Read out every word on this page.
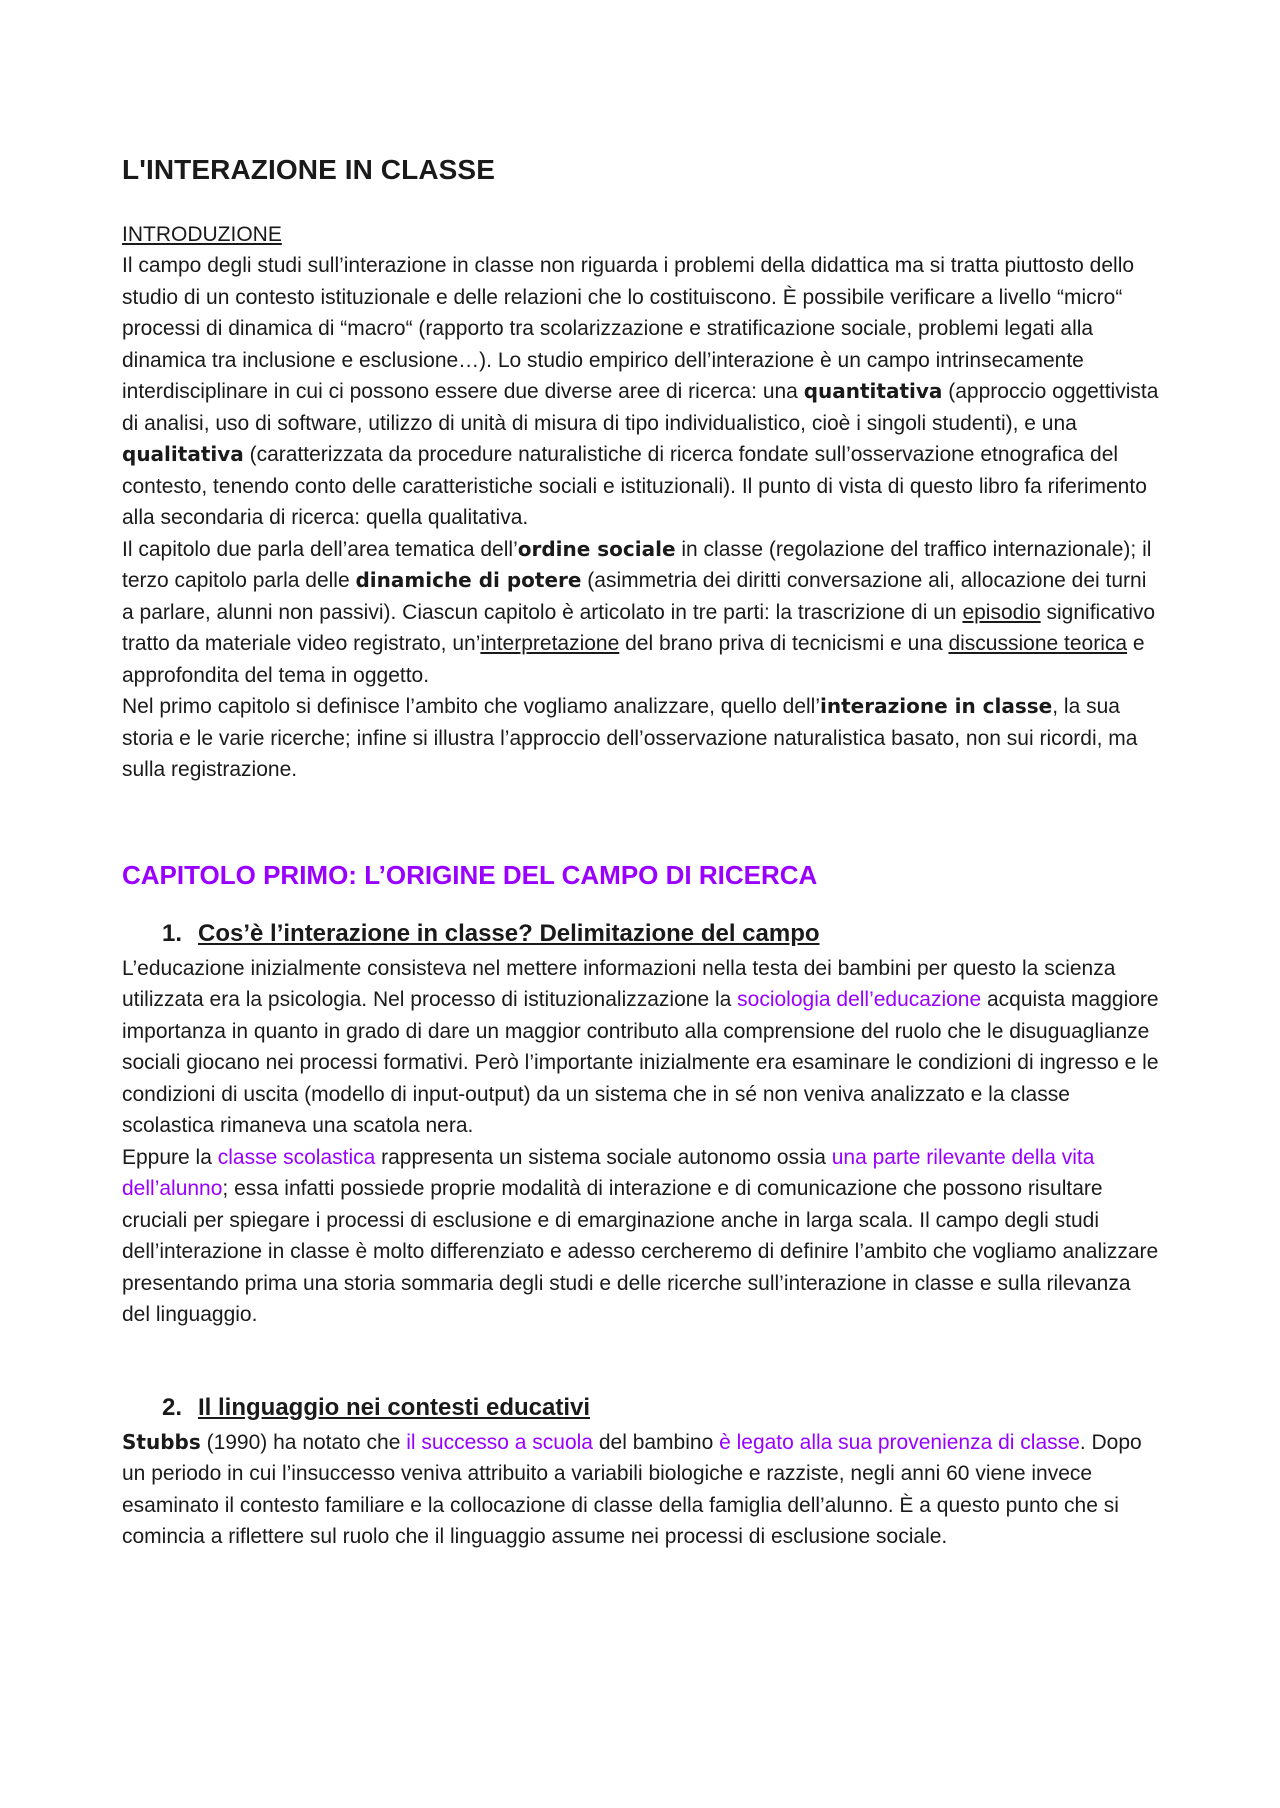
L'INTERAZIONE IN CLASSE
INTRODUZIONE

Il campo degli studi sull’interazione in classe non riguarda i problemi della didattica ma si tratta piuttosto dello studio di un contesto istituzionale e delle relazioni che lo costituiscono. È possibile verificare a livello “micro“ processi di dinamica di “macro“ (rapporto tra scolarizzazione e stratificazione sociale, problemi legati alla dinamica tra inclusione e esclusione…). Lo studio empirico dell’interazione è un campo intrinsecamente interdisciplinare in cui ci possono essere due diverse aree di ricerca: una quantitativa (approccio oggettivista di analisi, uso di software, utilizzo di unità di misura di tipo individualistico, cioè i singoli studenti), e una qualitativa (caratterizzata da procedure naturalistiche di ricerca fondate sull’osservazione etnografica del contesto, tenendo conto delle caratteristiche sociali e istituzionali). Il punto di vista di questo libro fa riferimento alla secondaria di ricerca: quella qualitativa.

Il capitolo due parla dell’area tematica dell’ordine sociale in classe (regolazione del traffico internazionale); il terzo capitolo parla delle dinamiche di potere (asimmetria dei diritti conversazione ali, allocazione dei turni a parlare, alunni non passivi). Ciascun capitolo è articolato in tre parti: la trascrizione di un episodio significativo tratto da materiale video registrato, un’interpretazione del brano priva di tecnicismi e una discussione teorica e approfondita del tema in oggetto.

Nel primo capitolo si definisce l’ambito che vogliamo analizzare, quello dell’interazione in classe, la sua storia e le varie ricerche; infine si illustra l’approccio dell’osservazione naturalistica basato, non sui ricordi, ma sulla registrazione.

CAPITOLO PRIMO: L’ORIGINE DEL CAMPO DI RICERCA
1. Cos’è l’interazione in classe? Delimitazione del campo

L’educazione inizialmente consisteva nel mettere informazioni nella testa dei bambini per questo la scienza utilizzata era la psicologia. Nel processo di istituzionalizzazione la sociologia dell’educazione acquista maggiore importanza in quanto in grado di dare un maggior contributo alla comprensione del ruolo che le disuguaglianze sociali giocano nei processi formativi. Però l’importante inizialmente era esaminare le condizioni di ingresso e le condizioni di uscita (modello di input-output) da un sistema che in sé non veniva analizzato e la classe scolastica rimaneva una scatola nera.

Eppure la classe scolastica rappresenta un sistema sociale autonomo ossia una parte rilevante della vita dell’alunno; essa infatti possiede proprie modalità di interazione e di comunicazione che possono risultare cruciali per spiegare i processi di esclusione e di emarginazione anche in larga scala. Il campo degli studi dell’interazione in classe è molto differenziato e adesso cercheremo di definire l’ambito che vogliamo analizzare presentando prima una storia sommaria degli studi e delle ricerche sull’interazione in classe e sulla rilevanza del linguaggio.

2. Il linguaggio nei contesti educativi

Stubbs (1990) ha notato che il successo a scuola del bambino è legato alla sua provenienza di classe. Dopo un periodo in cui l’insuccesso veniva attribuito a variabili biologiche e razziste, negli anni 60 viene invece esaminato il contesto familiare e la collocazione di classe della famiglia dell’alunno. È a questo punto che si comincia a riflettere sul ruolo che il linguaggio assume nei processi di esclusione sociale.
